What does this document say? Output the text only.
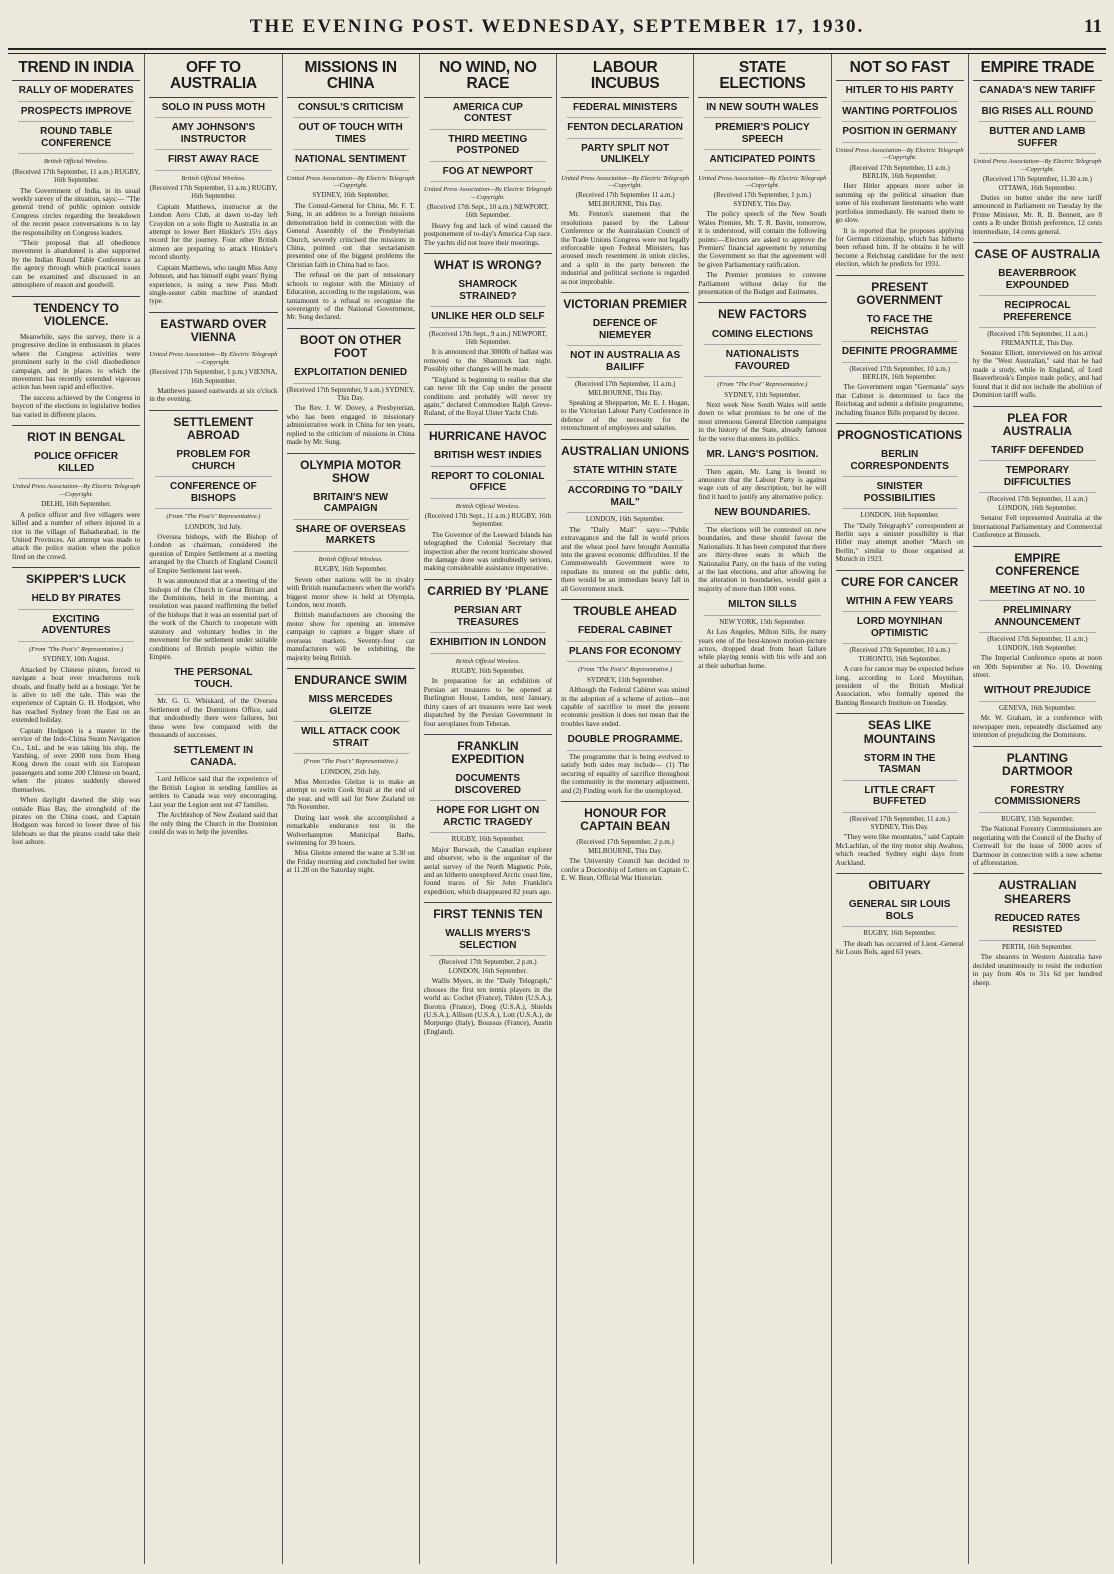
THE EVENING POST. WEDNESDAY, SEPTEMBER 17, 1930.	11
TREND IN INDIA
RALLY OF MODERATES
PROSPECTS IMPROVE
ROUND TABLE CONFERENCE
British Official Wireless.
(Received 17th September, 11 a.m.) RUGBY, 16th September.

The Government of India, in its usual weekly survey of the situation, says:— "The general trend of public opinion outside Congress circles regarding the breakdown of the recent peace conversations is to lay the responsibility on Congress leaders.

"Their proposal that all obedience movement is abandoned is also supported by the Indian Round Table Conference as the agency through which practical issues can be examined and discussed in an atmosphere of reason and goodwill.

TENDENCY TO VIOLENCE.

Meanwhile, says the survey, there is a progressive decline in enthusiasm in places where the Congress activities were prominent early in the civil disobedience campaign, and in places to which the movement has recently extended vigorous action has been rapid and effective.

The success achieved by the Congress in boycott of the elections to legislative bodies has varied in different places.

RIOT IN BENGAL
POLICE OFFICER KILLED
United Press Association—By Electric Telegraph—Copyright.
DELHI, 16th September.

A police officer and five villagers were killed and a number of others injured in a riot in the village of Bahadurabad, in the United Provinces. An attempt was made to attack the police station when the police fired on the crowd.

SKIPPER'S LUCK
HELD BY PIRATES
EXCITING ADVENTURES
(From "The Post's" Representative.)
SYDNEY, 10th August.

Attacked by Chinese pirates, forced to navigate a boat over treacherous rock shoals, and finally held as a hostage. Yet he is alive to tell the tale. This was the experience of Captain G. H. Hodgson, who has reached Sydney from the East on an extended holiday.

Captain Hodgson is a master in the service of the Indo-China Steam Navigation Co., Ltd., and he was taking his ship, the Yatshing, of over 2000 tons from Hong Kong down the coast with six European passengers and some 200 Chinese on board, when the pirates suddenly showed themselves.

When daylight dawned the ship was outside Bias Bay, the stronghold of the pirates on the China coast, and Captain Hodgson was forced to lower three of his lifeboats so that the pirates could take their loot ashore.

OFF TO AUSTRALIA
SOLO IN PUSS MOTH
AMY JOHNSON'S INSTRUCTOR
FIRST AWAY RACE
British Official Wireless.
(Received 17th September, 11 a.m.) RUGBY, 16th September.

Captain Matthews, instructor at the London Aero Club, at dawn to-day left Croydon on a solo flight to Australia in an attempt to lower Bert Hinkler's 15½ days record for the journey. Four other British airmen are preparing to attack Hinkler's record shortly.

Captain Matthews, who taught Miss Amy Johnson, and has himself eight years' flying experience, is using a new Puss Moth single-seater cabin machine of standard type.

EASTWARD OVER VIENNA
United Press Association—By Electric Telegraph—Copyright.
(Received 17th September, 1 p.m.) VIENNA, 16th September.

Matthews passed eastwards at six o'clock in the evening.

SETTLEMENT ABROAD
PROBLEM FOR CHURCH
CONFERENCE OF BISHOPS
(From "The Post's" Representative.)
LONDON, 3rd July.

Oversea bishops, with the Bishop of London as chairman, considered the question of Empire Settlement at a meeting arranged by the Church of England Council of Empire Settlement last week.

It was announced that at a meeting of the bishops of the Church in Great Britain and the Dominions, held in the morning, a resolution was passed reaffirming the belief of the bishops that it was an essential part of the work of the Church to cooperate with statutory and voluntary bodies in the movement for the settlement under suitable conditions of British people within the Empire.

THE PERSONAL TOUCH.

Mr. G. G. Whiskard, of the Oversea Settlement of the Dominions Office, said that undoubtedly there were failures, but these were few compared with the thousands of successes.

SETTLEMENT IN CANADA.

Lord Jellicoe said that the experience of the British Legion in sending families as settlers to Canada was very encouraging. Last year the Legion sent out 47 families.

The Archbishop of New Zealand said that the only thing the Church in the Dominion could do was to help the juveniles.

MISSIONS IN CHINA
CONSUL'S CRITICISM
OUT OF TOUCH WITH TIMES
NATIONAL SENTIMENT
United Press Association—By Electric Telegraph—Copyright.
SYDNEY, 16th September.

The Consul-General for China, Mr. F. T. Sung, in an address to a foreign missions demonstration held in connection with the General Assembly of the Presbyterian Church, severely criticised the missions in China, pointed out that sectarianism presented one of the biggest problems the Christian faith in China had to face.

The refusal on the part of missionary schools to register with the Ministry of Education, according to the regulations, was tantamount to a refusal to recognise the sovereignty of the National Government, Mr. Sung declared.

BOOT ON OTHER FOOT
EXPLOITATION DENIED
(Received 17th September, 9 a.m.) SYDNEY, This Day.

The Rev. J. W. Dovey, a Presbyterian, who has been engaged in missionary administrative work in China for ten years, replied to the criticism of missions in China made by Mr. Sung.

OLYMPIA MOTOR SHOW
BRITAIN'S NEW CAMPAIGN
SHARE OF OVERSEAS MARKETS
British Official Wireless.
RUGBY, 16th September.

Seven other nations will be in rivalry with British manufacturers when the world's biggest motor show is held at Olympia, London, next month.

British manufacturers are choosing the motor show for opening an intensive campaign to capture a bigger share of overseas markets. Seventy-four car manufacturers will be exhibiting, the majority being British.

ENDURANCE SWIM
MISS MERCEDES GLEITZE
WILL ATTACK COOK STRAIT
(From "The Post's" Representative.)
LONDON, 25th July.

Miss Mercedes Gleitze is to make an attempt to swim Cook Strait at the end of the year, and will sail for New Zealand on 7th November.

During last week she accomplished a remarkable endurance test in the Wolverhampton Municipal Baths, swimming for 39 hours.

Miss Gleitze entered the water at 5.30 on the Friday morning and concluded her swim at 11.20 on the Saturday night.

NO WIND, NO RACE
AMERICA CUP CONTEST
THIRD MEETING POSTPONED
FOG AT NEWPORT
United Press Association—By Electric Telegraph—Copyright.
(Received 17th Sept., 10 a.m.) NEWPORT, 16th September.

Heavy fog and lack of wind caused the postponement of to-day's America Cup race. The yachts did not leave their moorings.

WHAT IS WRONG?
SHAMROCK STRAINED?
UNLIKE HER OLD SELF
(Received 17th Sept., 9 a.m.) NEWPORT, 16th September.

It is announced that 3000lb of ballast was removed to the Shamrock last night. Possibly other changes will be made.

"England is beginning to realise that she can never lift the Cup under the present conditions and probably will never try again," declared Commodore Ralph Greve-Ruland, of the Royal Ulster Yacht Club.

HURRICANE HAVOC
BRITISH WEST INDIES
REPORT TO COLONIAL OFFICE
British Official Wireless.
(Received 17th Sept., 11 a.m.) RUGBY, 16th September.

The Governor of the Leeward Islands has telegraphed the Colonial Secretary that inspection after the recent hurricane showed the damage done was undoubtedly serious, making considerable assistance imperative.

CARRIED BY 'PLANE
PERSIAN ART TREASURES
EXHIBITION IN LONDON
British Official Wireless.
RUGBY, 16th September.

In preparation for an exhibition of Persian art treasures to be opened at Burlington House, London, next January, thirty cases of art treasures were last week dispatched by the Persian Government in four aeroplanes from Teheran.

FRANKLIN EXPEDITION
DOCUMENTS DISCOVERED
HOPE FOR LIGHT ON ARCTIC TRAGEDY
RUGBY, 16th September.

Major Burwash, the Canadian explorer and observer, who is the organiser of the aerial survey of the North Magnetic Pole, and an hitherto unexplored Arctic coast line, found traces of Sir John Franklin's expedition, which disappeared 82 years ago.

FIRST TENNIS TEN
WALLIS MYERS'S SELECTION
(Received 17th September, 2 p.m.) LONDON, 16th September.

Wallis Myers, in the "Daily Telegraph," chooses the first ten tennis players in the world as: Cochet (France), Tilden (U.S.A.), Borotra (France), Doeg (U.S.A.), Shields (U.S.A.), Allison (U.S.A.), Lott (U.S.A.), de Morpurgo (Italy), Boussus (France), Austin (England).

LABOUR INCUBUS
FEDERAL MINISTERS
FENTON DECLARATION
PARTY SPLIT NOT UNLIKELY
United Press Association—By Electric Telegraph—Copyright.
(Received 17th September 11 a.m.) MELBOURNE, This Day.

Mr. Fenton's statement that the resolutions passed by the Labour Conference or the Australasian Council of the Trade Unions Congress were not legally enforceable upon Federal Ministers, has aroused much resentment in union circles, and a split in the party between the industrial and political sections is regarded as not improbable.

VICTORIAN PREMIER
DEFENCE OF NIEMEYER
NOT IN AUSTRALIA AS BAILIFF
(Received 17th September, 11 a.m.) MELBOURNE, This Day.

Speaking at Shepparton, Mr. E. J. Hogan, to the Victorian Labour Party Conference in defence of the necessity for the retrenchment of employees and salaries.

AUSTRALIAN UNIONS
STATE WITHIN STATE
ACCORDING TO "DAILY MAIL"
LONDON, 16th September.

The "Daily Mail" says:—"Public extravagance and the fall in world prices and the wheat pool have brought Australia into the gravest economic difficulties. If the Commonwealth Government were to repudiate its interest on the public debt, there would be an immediate heavy fall in all Government stock.

TROUBLE AHEAD
FEDERAL CABINET
PLANS FOR ECONOMY
(From "The Post's" Representative.)
SYDNEY, 11th September.

Although the Federal Cabinet was united in the adoption of a scheme of action—not capable of sacrifice to meet the present economic position it does not mean that the troubles have ended.

DOUBLE PROGRAMME.

The programme that is being evolved to satisfy both sides may include— (1) The securing of equality of sacrifice throughout the community in the monetary adjustment, and (2) Finding work for the unemployed.

HONOUR FOR CAPTAIN BEAN
(Received 17th September, 2 p.m.) MELBOURNE, This Day.

The University Council has decided to confer a Doctorship of Letters on Captain C. E. W. Bean, Official War Historian.

STATE ELECTIONS
IN NEW SOUTH WALES
PREMIER'S POLICY SPEECH
ANTICIPATED POINTS
United Press Association—By Electric Telegraph—Copyright.
(Received 17th September, 1 p.m.) SYDNEY, This Day.

The policy speech of the New South Wales Premier, Mr. T. R. Bavin, tomorrow, it is understood, will contain the following points:—Electors are asked to approve the Premiers' financial agreement by returning the Government so that the agreement will be given Parliamentary ratification.

The Premier promises to convene Parliament without delay for the presentation of the Budget and Estimates.

NEW FACTORS
COMING ELECTIONS
NATIONALISTS FAVOURED
(From "The Post" Representative.)
SYDNEY, 11th September.

Next week New South Wales will settle down to what promises to be one of the most strenuous General Election campaigns in the history of the State, already famous for the verve that enters its politics.

MR. LANG'S POSITION.

Then again, Mr. Lang is bound to announce that the Labour Party is against wage cuts of any description, but he will find it hard to justify any alternative policy.

NEW BOUNDARIES.

The elections will be contested on new boundaries, and these should favour the Nationalists. It has been computed that there are thirty-three seats in which the Nationalist Party, on the basis of the voting at the last elections, and after allowing for the alteration in boundaries, would gain a majority of more than 1000 votes.

MILTON SILLS
NEW YORK, 15th September.

At Los Angeles, Milton Sills, for many years one of the best-known motion-picture actors, dropped dead from heart failure while playing tennis with his wife and son at their suburban home.

NOT SO FAST
HITLER TO HIS PARTY
WANTING PORTFOLIOS
POSITION IN GERMANY
United Press Association—By Electric Telegraph—Copyright.
(Received 17th September, 11 a.m.) BERLIN, 16th September.

Herr Hitler appears more sober in summing up the political situation than some of his exuberant lieutenants who want portfolios immediately. He warned them to go slow.

It is reported that he proposes applying for German citizenship, which has hitherto been refused him. If he obtains it he will become a Reichstag candidate for the next election, which he predicts for 1931.

PRESENT GOVERNMENT
TO FACE THE REICHSTAG
DEFINITE PROGRAMME
(Received 17th September, 10 a.m.) BERLIN, 16th September.

The Government organ "Germania" says that Cabinet is determined to face the Reichstag and submit a definite programme, including finance Bills prepared by decree.

PROGNOSTICATIONS
BERLIN CORRESPONDENTS
SINISTER POSSIBILITIES
LONDON, 16th September.

The "Daily Telegraph's" correspondent at Berlin says a sinister possibility is that Hitler may attempt another "March on Berlin," similar to those organised at Munich in 1923.

CURE FOR CANCER
WITHIN A FEW YEARS
LORD MOYNIHAN OPTIMISTIC
(Received 17th September, 10 a.m.) TORONTO, 16th September.

A cure for cancer may be expected before long, according to Lord Moynihan, president of the British Medical Association, who formally opened the Banting Research Institute on Tuesday.

SEAS LIKE MOUNTAINS
STORM IN THE TASMAN
LITTLE CRAFT BUFFETED
(Received 17th September, 11 a.m.) SYDNEY, This Day.

"They were like mountains," said Captain McLachlan, of the tiny motor ship Awahou, which reached Sydney eight days from Auckland.

OBITUARY
GENERAL SIR LOUIS BOLS
RUGBY, 16th September.

The death has occurred of Lieut.-General Sir Louis Bols, aged 63 years.

EMPIRE TRADE
CANADA'S NEW TARIFF
BIG RISES ALL ROUND
BUTTER AND LAMB SUFFER
United Press Association—By Electric Telegraph—Copyright.
(Received 17th September, 11.30 a.m.) OTTAWA, 16th September.

Duties on butter under the new tariff announced in Parliament on Tuesday by the Prime Minister, Mr. R. B. Bennett, are 8 cents a lb under British preference, 12 cents intermediate, 14 cents general.

CASE OF AUSTRALIA
BEAVERBROOK EXPOUNDED
RECIPROCAL PREFERENCE
(Received 17th September, 11 a.m.) FREMANTLE, This Day.

Senator Elliott, interviewed on his arrival by the "West Australian," said that he had made a study, while in England, of Lord Beaverbrook's Empire trade policy, and had found that it did not include the abolition of Dominion tariff walls.

PLEA FOR AUSTRALIA
TARIFF DEFENDED
TEMPORARY DIFFICULTIES
(Received 17th September, 11 a.m.) LONDON, 16th September.

Senator Fell represented Australia at the International Parliamentary and Commercial Conference at Brussels.

EMPIRE CONFERENCE
MEETING AT NO. 10
PRELIMINARY ANNOUNCEMENT
(Received 17th September, 11 a.m.) LONDON, 16th September.

The Imperial Conference opens at noon on 30th September at No. 10, Downing street.

WITHOUT PREJUDICE
GENEVA, 16th September.

Mr. W. Graham, in a conference with newspaper men, repeatedly disclaimed any intention of prejudicing the Dominions.

PLANTING DARTMOOR
FORESTRY COMMISSIONERS
RUGBY, 15th September.

The National Forestry Commissioners are negotiating with the Council of the Duchy of Cornwall for the lease of 5000 acres of Dartmoor in connection with a new scheme of afforestation.

AUSTRALIAN SHEARERS
REDUCED RATES RESISTED
PERTH, 16th September.

The shearers in Western Australia have decided unanimously to resist the reduction in pay from 40s to 31s 6d per hundred sheep.
